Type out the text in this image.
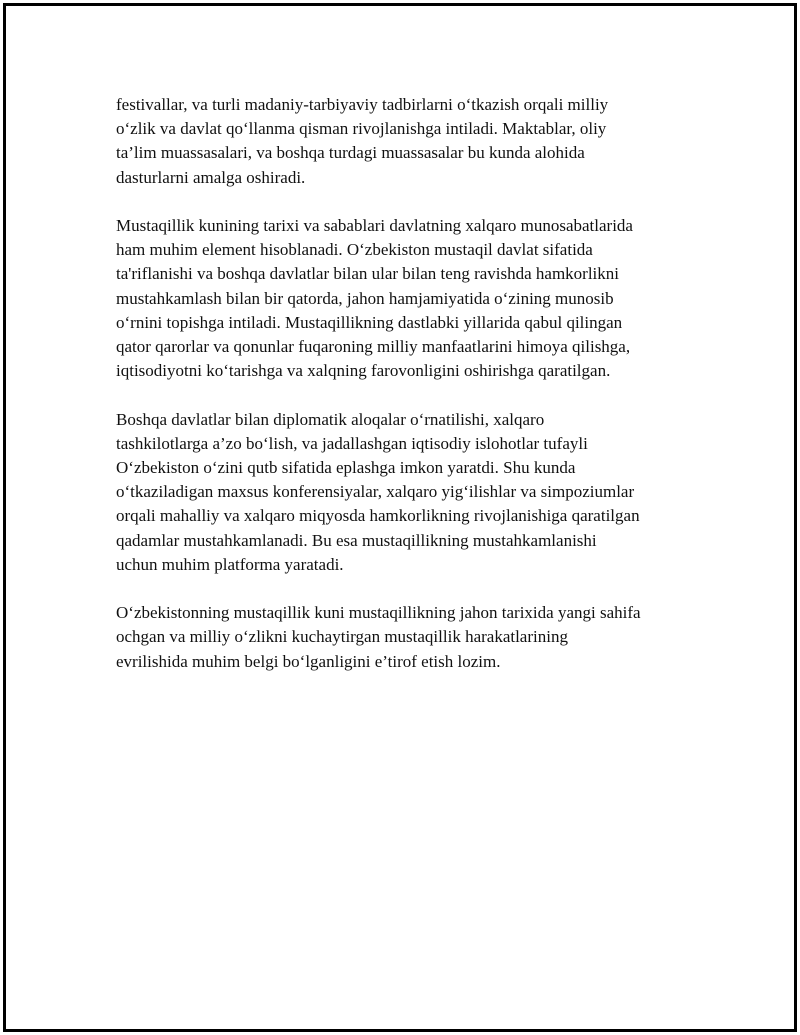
festivallar, va turli madaniy-tarbiyaviy tadbirlarni o‘tkazish orqali milliy
o‘zlik va davlat qo‘llanma qisman rivojlanishga intiladi. Maktablar, oliy
ta’lim muassasalari, va boshqa turdagi muassasalar bu kunda alohida
dasturlarni amalga oshiradi.

Mustaqillik kunining tarixi va sabablari davlatning xalqaro munosabatlarida
ham muhim element hisoblanadi. O‘zbekiston mustaqil davlat sifatida
ta'riflanishi va boshqa davlatlar bilan ular bilan teng ravishda hamkorlikni
mustahkamlash bilan bir qatorda, jahon hamjamiyatida o‘zining munosib
o‘rnini topishga intiladi. Mustaqillikning dastlabki yillarida qabul qilingan
qator qarorlar va qonunlar fuqaroning milliy manfaatlarini himoya qilishga,
iqtisodiyotni ko‘tarishga va xalqning farovonligini oshirishga qaratilgan.

Boshqa davlatlar bilan diplomatik aloqalar o‘rnatilishi, xalqaro
tashkilotlarga a’zo bo‘lish, va jadallashgan iqtisodiy islohotlar tufayli
O‘zbekiston o‘zini qutb sifatida eplashga imkon yaratdi. Shu kunda
o‘tkaziladigan maxsus konferensiyalar, xalqaro yig‘ilishlar va simpoziumlar
orqali mahalliy va xalqaro miqyosda hamkorlikning rivojlanishiga qaratilgan
qadamlar mustahkamlanadi. Bu esa mustaqillikning mustahkamlanishi
uchun muhim platforma yaratadi.

O‘zbekistonning mustaqillik kuni mustaqillikning jahon tarixida yangi sahifa
ochgan va milliy o‘zlikni kuchaytirgan mustaqillik harakatlarining
evrilishida muhim belgi bo‘lganligini e’tirof etish lozim.
